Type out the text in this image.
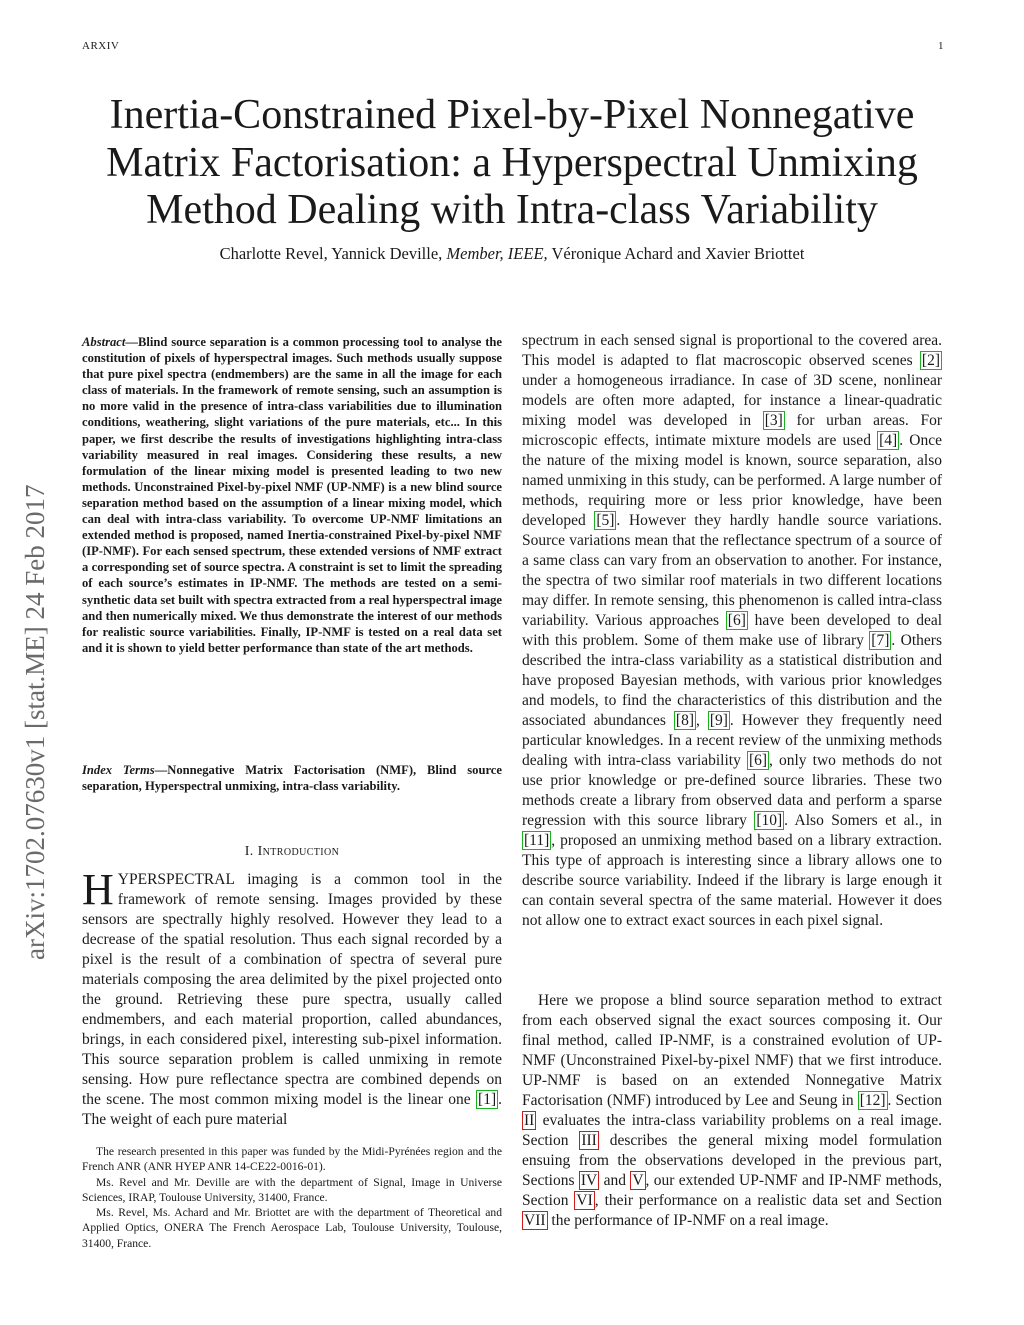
ARXIV	1
Inertia-Constrained Pixel-by-Pixel Nonnegative Matrix Factorisation: a Hyperspectral Unmixing Method Dealing with Intra-class Variability
Charlotte Revel, Yannick Deville, Member, IEEE, Véronique Achard and Xavier Briottet
arXiv:1702.07630v1 [stat.ME] 24 Feb 2017
Abstract—Blind source separation is a common processing tool to analyse the constitution of pixels of hyperspectral images. Such methods usually suppose that pure pixel spectra (endmembers) are the same in all the image for each class of materials. In the framework of remote sensing, such an assumption is no more valid in the presence of intra-class variabilities due to illumination conditions, weathering, slight variations of the pure materials, etc... In this paper, we first describe the results of investigations highlighting intra-class variability measured in real images. Considering these results, a new formulation of the linear mixing model is presented leading to two new methods. Unconstrained Pixel-by-pixel NMF (UP-NMF) is a new blind source separation method based on the assumption of a linear mixing model, which can deal with intra-class variability. To overcome UP-NMF limitations an extended method is proposed, named Inertia-constrained Pixel-by-pixel NMF (IP-NMF). For each sensed spectrum, these extended versions of NMF extract a corresponding set of source spectra. A constraint is set to limit the spreading of each source’s estimates in IP-NMF. The methods are tested on a semi-synthetic data set built with spectra extracted from a real hyperspectral image and then numerically mixed. We thus demonstrate the interest of our methods for realistic source variabilities. Finally, IP-NMF is tested on a real data set and it is shown to yield better performance than state of the art methods.
Index Terms—Nonnegative Matrix Factorisation (NMF), Blind source separation, Hyperspectral unmixing, intra-class variability.
I. Introduction
HYPERSPECTRAL imaging is a common tool in the framework of remote sensing. Images provided by these sensors are spectrally highly resolved. However they lead to a decrease of the spatial resolution. Thus each signal recorded by a pixel is the result of a combination of spectra of several pure materials composing the area delimited by the pixel projected onto the ground. Retrieving these pure spectra, usually called endmembers, and each material proportion, called abundances, brings, in each considered pixel, interesting sub-pixel information. This source separation problem is called unmixing in remote sensing. How pure reflectance spectra are combined depends on the scene. The most common mixing model is the linear one [1] . The weight of each pure material

The research presented in this paper was funded by the Midi-Pyrénées region and the French ANR (ANR HYEP ANR 14-CE22-0016-01).

Ms. Revel and Mr. Deville are with the department of Signal, Image in Universe Sciences, IRAP, Toulouse University, 31400, France.

Ms. Revel, Ms. Achard and Mr. Briottet are with the department of Theoretical and Applied Optics, ONERA The French Aerospace Lab, Toulouse University, Toulouse, 31400, France.

spectrum in each sensed signal is proportional to the covered area. This model is adapted to flat macroscopic observed scenes [2] under a homogeneous irradiance. In case of 3D scene, nonlinear models are often more adapted, for instance a linear-quadratic mixing model was developed in [3] for urban areas. For microscopic effects, intimate mixture models are used [4] . Once the nature of the mixing model is known, source separation, also named unmixing in this study, can be performed. A large number of methods, requiring more or less prior knowledge, have been developed [5] . However they hardly handle source variations. Source variations mean that the reflectance spectrum of a source of a same class can vary from an observation to another. For instance, the spectra of two similar roof materials in two different locations may differ. In remote sensing, this phenomenon is called intra-class variability. Various approaches [6] have been developed to deal with this problem. Some of them make use of library [7] . Others described the intra-class variability as a statistical distribution and have proposed Bayesian methods, with various prior knowledges and models, to find the characteristics of this distribution and the associated abundances [8] , [9] . However they frequently need particular knowledges. In a recent review of the unmixing methods dealing with intra-class variability [6] , only two methods do not use prior knowledge or pre-defined source libraries. These two methods create a library from observed data and perform a sparse regression with this source library [10] . Also Somers et al., in [11] , proposed an unmixing method based on a library extraction. This type of approach is interesting since a library allows one to describe source variability. Indeed if the library is large enough it can contain several spectra of the same material. However it does not allow one to extract exact sources in each pixel signal.

Here we propose a blind source separation method to extract from each observed signal the exact sources composing it. Our final method, called IP-NMF, is a constrained evolution of UP-NMF (Unconstrained Pixel-by-pixel NMF) that we first introduce. UP-NMF is based on an extended Nonnegative Matrix Factorisation (NMF) introduced by Lee and Seung in [12] . Section II evaluates the intra-class variability problems on a real image. Section III describes the general mixing model formulation ensuing from the observations developed in the previous part, Sections IV and V , our extended UP-NMF and IP-NMF methods, Section VI , their performance on a realistic data set and Section VII the performance of IP-NMF on a real image.
